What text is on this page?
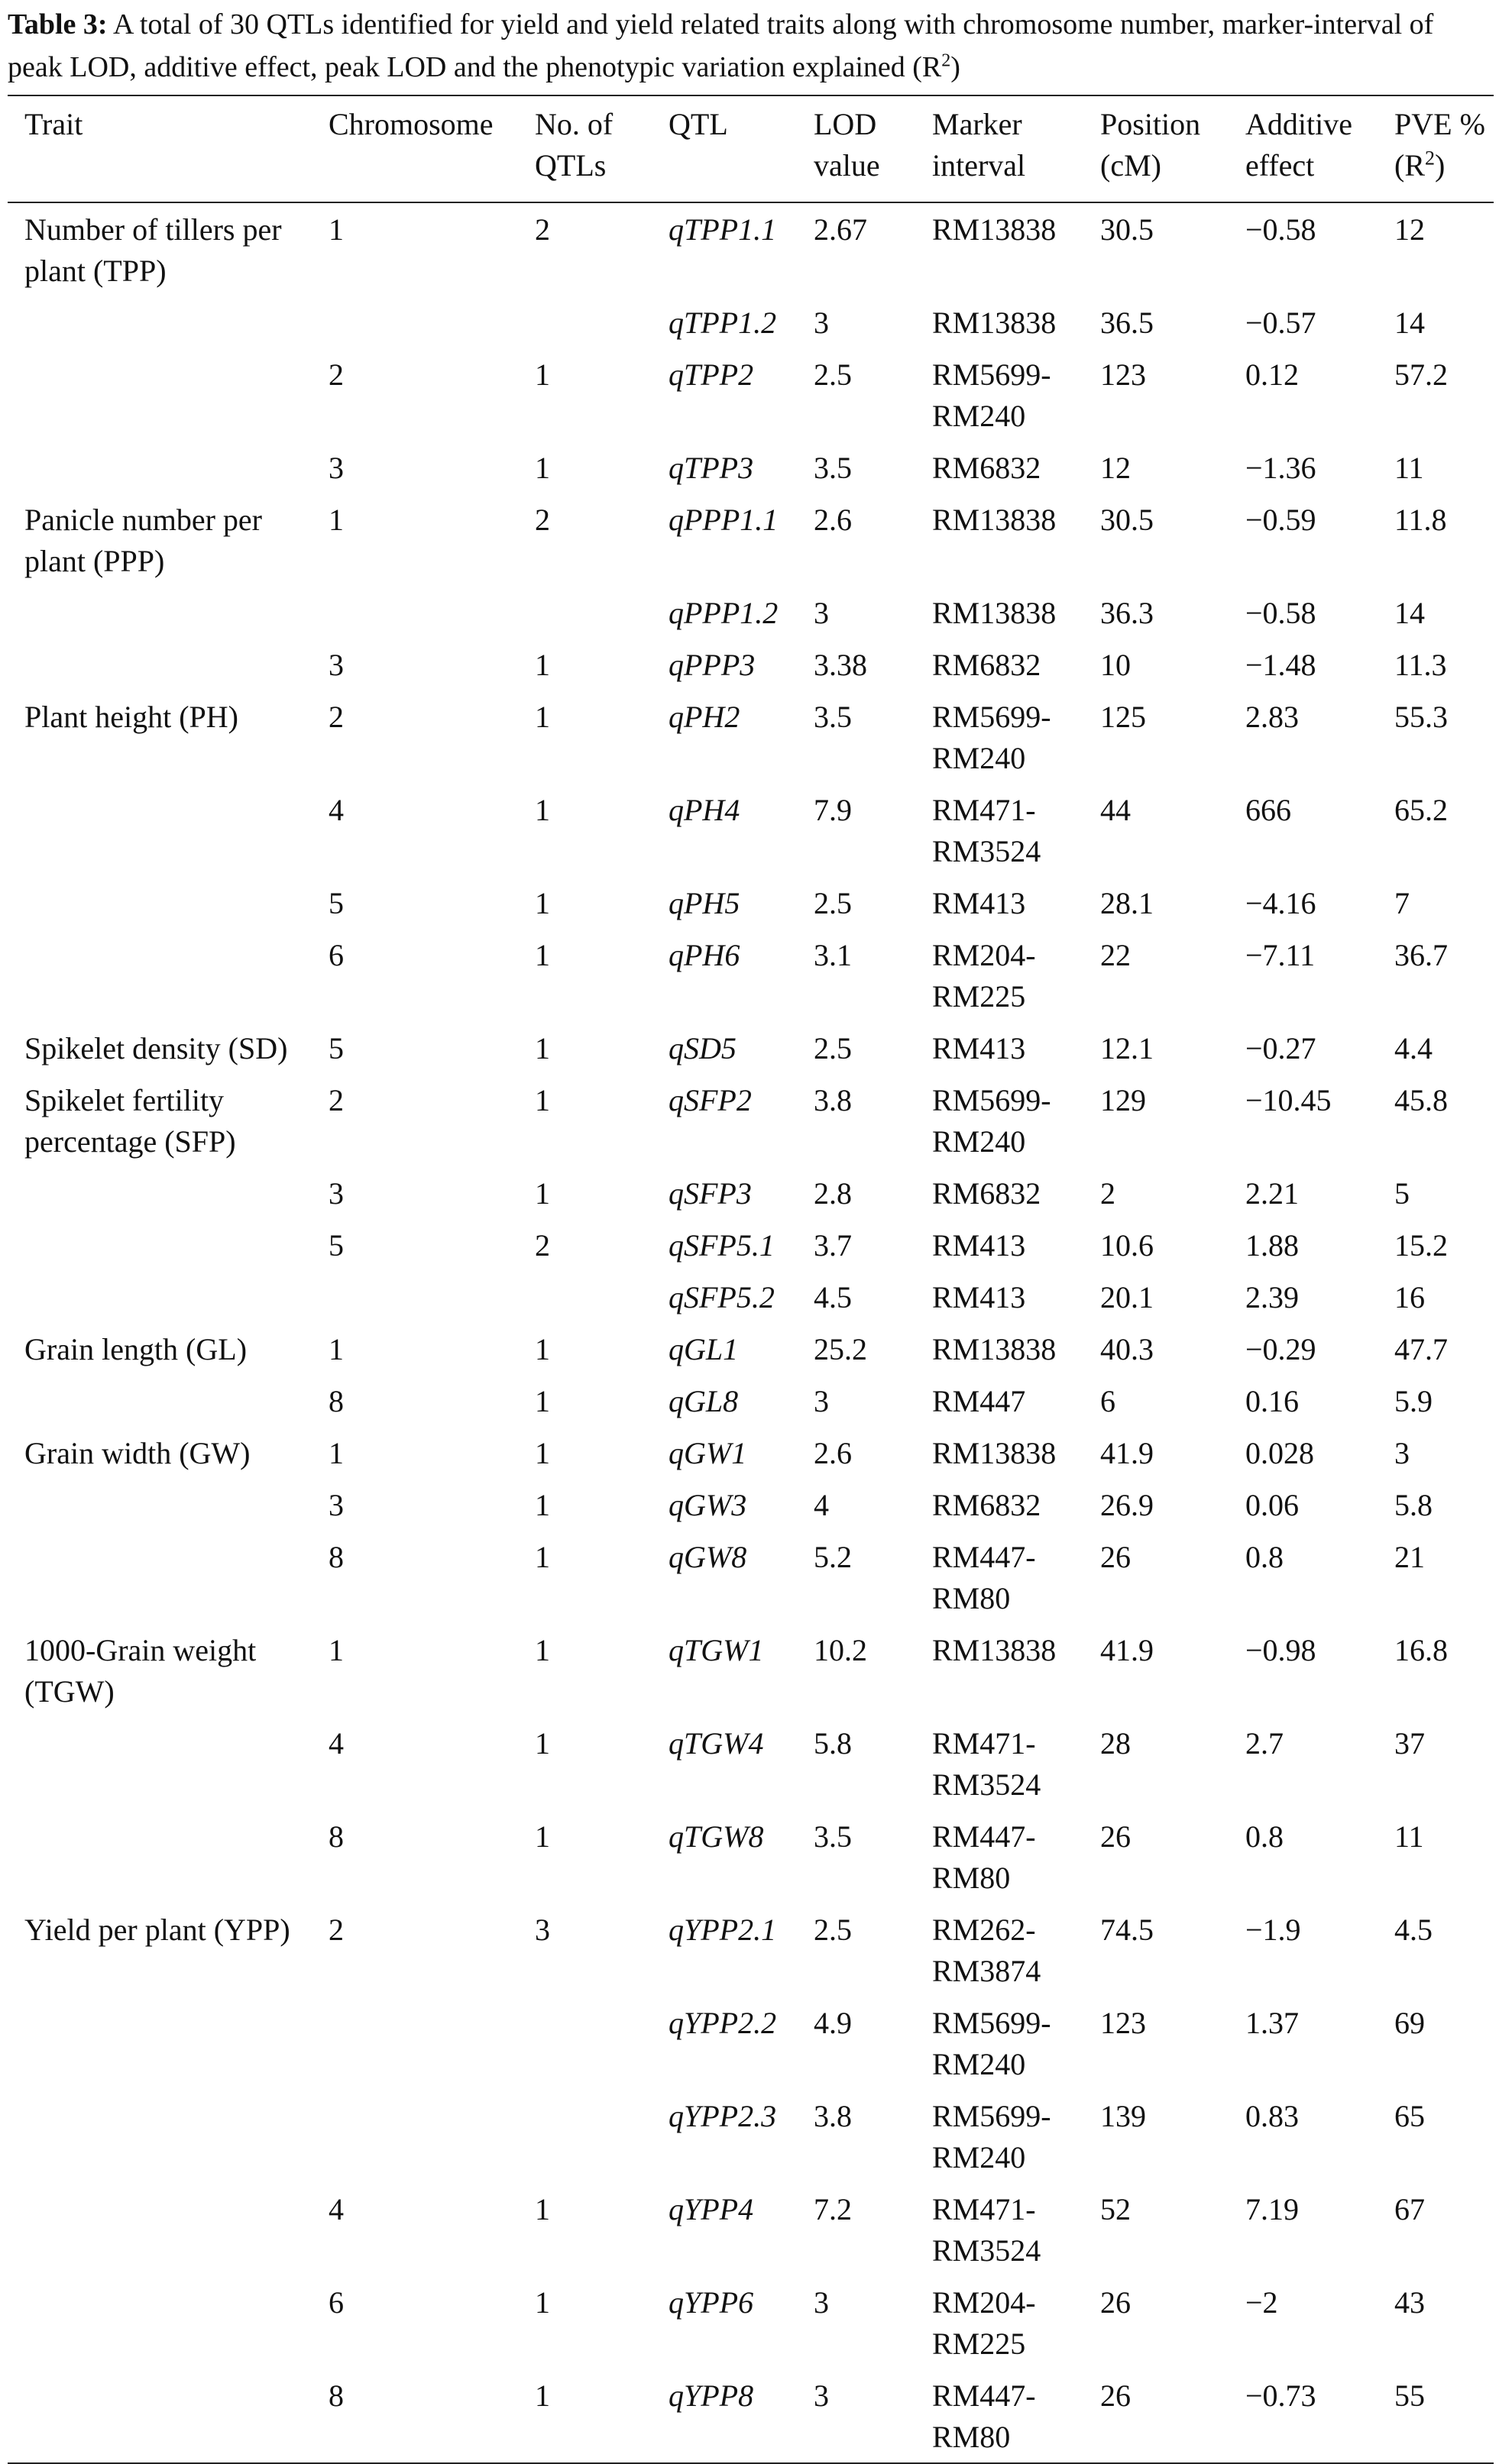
Table 3: A total of 30 QTLs identified for yield and yield related traits along with chromosome number, marker-interval of peak LOD, additive effect, peak LOD and the phenotypic variation explained $(R^2)$
Trait	Chromosome	No. of QTLs	QTL	LOD value	Marker interval	Position (cM)	Additive effect	PVE % $(R^2)$
Number of tillers per plant (TPP)	1	2	qTPP1.1	2.67	RM13838	30.5	−0.58	12
			qTPP1.2	3	RM13838	36.5	−0.57	14
	2	1	qTPP2	2.5	RM5699-RM240	123	0.12	57.2
	3	1	qTPP3	3.5	RM6832	12	−1.36	11
Panicle number per plant (PPP)	1	2	qPPP1.1	2.6	RM13838	30.5	−0.59	11.8
			qPPP1.2	3	RM13838	36.3	−0.58	14
	3	1	qPPP3	3.38	RM6832	10	−1.48	11.3
Plant height (PH)	2	1	qPH2	3.5	RM5699-RM240	125	2.83	55.3
	4	1	qPH4	7.9	RM471-RM3524	44	666	65.2
	5	1	qPH5	2.5	RM413	28.1	−4.16	7
	6	1	qPH6	3.1	RM204-RM225	22	−7.11	36.7
Spikelet density (SD)	5	1	qSD5	2.5	RM413	12.1	−0.27	4.4
Spikelet fertility percentage (SFP)	2	1	qSFP2	3.8	RM5699-RM240	129	−10.45	45.8
	3	1	qSFP3	2.8	RM6832	2	2.21	5
	5	2	qSFP5.1	3.7	RM413	10.6	1.88	15.2
			qSFP5.2	4.5	RM413	20.1	2.39	16
Grain length (GL)	1	1	qGL1	25.2	RM13838	40.3	−0.29	47.7
	8	1	qGL8	3	RM447	6	0.16	5.9
Grain width (GW)	1	1	qGW1	2.6	RM13838	41.9	0.028	3
	3	1	qGW3	4	RM6832	26.9	0.06	5.8
	8	1	qGW8	5.2	RM447-RM80	26	0.8	21
1000-Grain weight (TGW)	1	1	qTGW1	10.2	RM13838	41.9	−0.98	16.8
	4	1	qTGW4	5.8	RM471-RM3524	28	2.7	37
	8	1	qTGW8	3.5	RM447-RM80	26	0.8	11
Yield per plant (YPP)	2	3	qYPP2.1	2.5	RM262-RM3874	74.5	−1.9	4.5
			qYPP2.2	4.9	RM5699-RM240	123	1.37	69
			qYPP2.3	3.8	RM5699-RM240	139	0.83	65
	4	1	qYPP4	7.2	RM471-RM3524	52	7.19	67
	6	1	qYPP6	3	RM204-RM225	26	−2	43
	8	1	qYPP8	3	RM447-RM80	26	−0.73	55
